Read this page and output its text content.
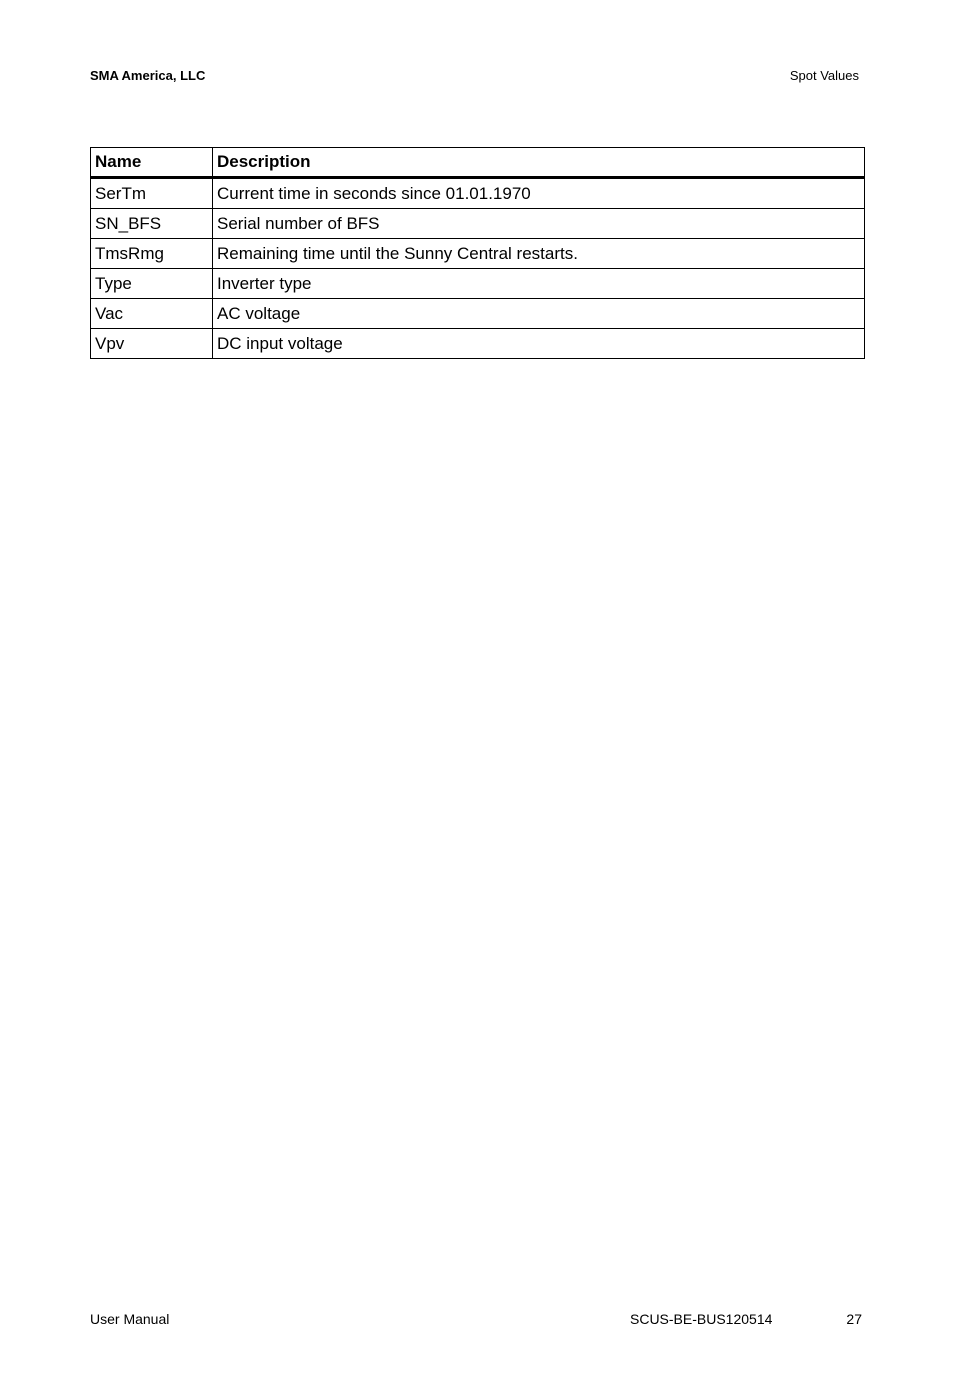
SMA America, LLC	Spot Values
Name	Description
SerTm	Current time in seconds since 01.01.1970
SN_BFS	Serial number of BFS
TmsRmg	Remaining time until the Sunny Central restarts.
Type	Inverter type
Vac	AC voltage
Vpv	DC input voltage
User Manual	SCUS-BE-BUS120514	27
